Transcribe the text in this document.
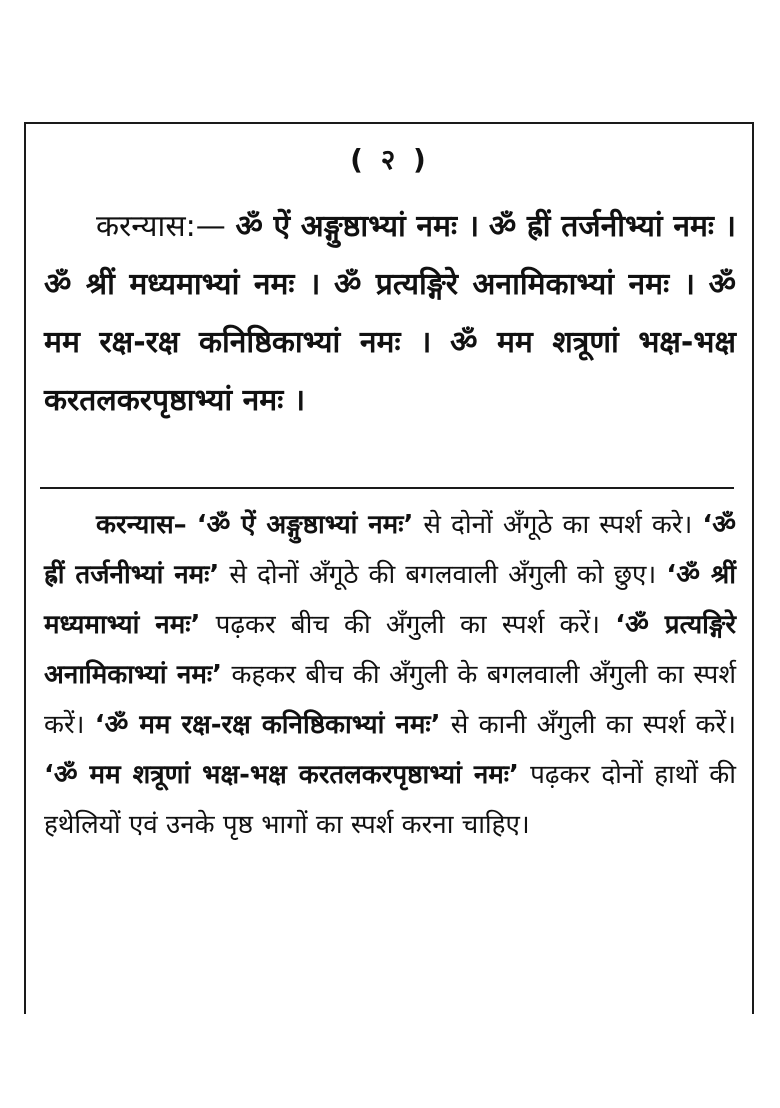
( २ )
करन्यास:— ॐ ऐं अङ्गुष्ठाभ्यां नमः । ॐ ह्रीं तर्जनीभ्यां नमः । ॐ श्रीं मध्यमाभ्यां नमः । ॐ प्रत्यङ्गिरे अनामिकाभ्यां नमः । ॐ मम रक्ष-रक्ष कनिष्ठिकाभ्यां नमः । ॐ मम शत्रूणां भक्ष-भक्ष करतलकरपृष्ठाभ्यां नमः ।
करन्यास– ‘ॐ ऐं अङ्गुष्ठाभ्यां नमः’ से दोनों अँगूठे का स्पर्श करे। ‘ॐ ह्रीं तर्जनीभ्यां नमः’ से दोनों अँगूठे की बगलवाली अँगुली को छुए। ‘ॐ श्रीं मध्यमाभ्यां नमः’ पढ़कर बीच की अँगुली का स्पर्श करें। ‘ॐ प्रत्यङ्गिरे अनामिकाभ्यां नमः’ कहकर बीच की अँगुली के बगलवाली अँगुली का स्पर्श करें। ‘ॐ मम रक्ष-रक्ष कनिष्ठिकाभ्यां नमः’ से कानी अँगुली का स्पर्श करें। ‘ॐ मम शत्रूणां भक्ष-भक्ष करतलकरपृष्ठाभ्यां नमः’ पढ़कर दोनों हाथों की हथेलियों एवं उनके पृष्ठ भागों का स्पर्श करना चाहिए।
